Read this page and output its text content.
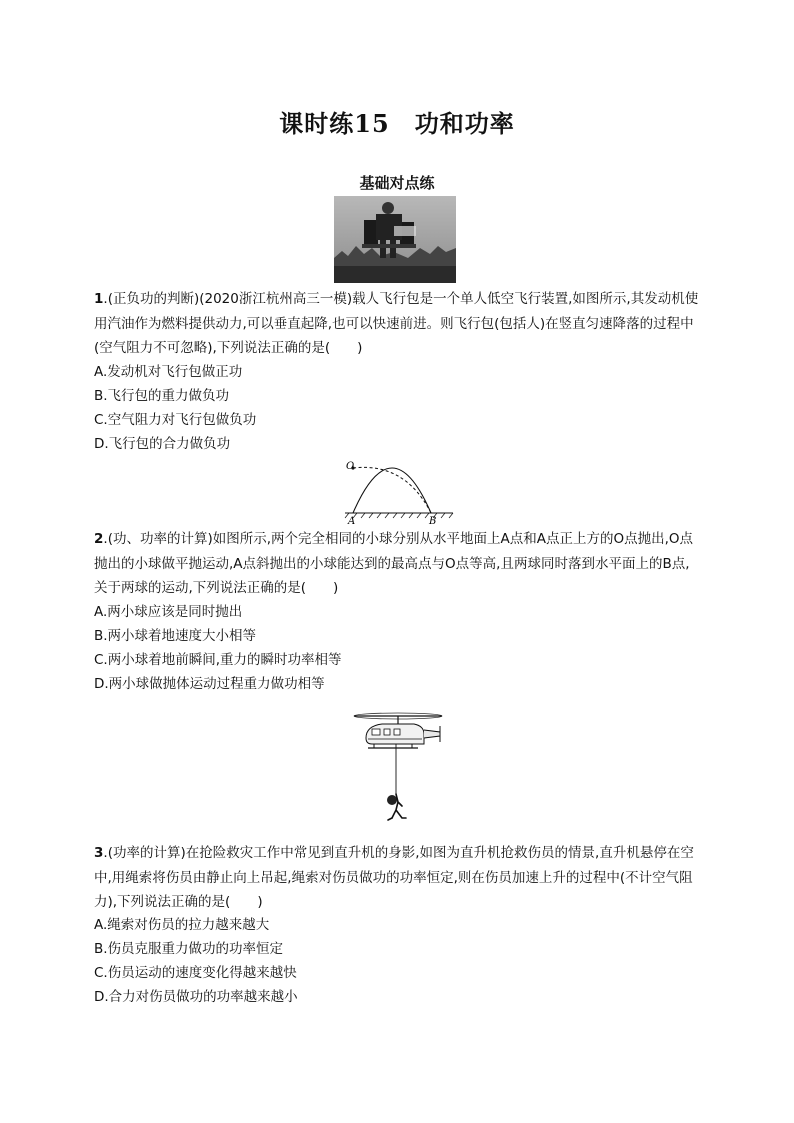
课时练15　功和功率
基础对点练

1.(正负功的判断)(2020浙江杭州高三一模)载人飞行包是一个单人低空飞行装置,如图所示,其发动机使用汽油作为燃料提供动力,可以垂直起降,也可以快速前进。则飞行包(包括人)在竖直匀速降落的过程中(空气阻力不可忽略),下列说法正确的是(　　)

A.发动机对飞行包做正功
B.飞行包的重力做负功
C.空气阻力对飞行包做负功
D.飞行包的合力做负功
O
A	B

2.(功、功率的计算)如图所示,两个完全相同的小球分别从水平地面上A点和A点正上方的O点抛出,O点抛出的小球做平抛运动,A点斜抛出的小球能达到的最高点与O点等高,且两球同时落到水平面上的B点,关于两球的运动,下列说法正确的是(　　)

A.两小球应该是同时抛出
B.两小球着地速度大小相等
C.两小球着地前瞬间,重力的瞬时功率相等
D.两小球做抛体运动过程重力做功相等

3.(功率的计算)在抢险救灾工作中常见到直升机的身影,如图为直升机抢救伤员的情景,直升机悬停在空中,用绳索将伤员由静止向上吊起,绳索对伤员做功的功率恒定,则在伤员加速上升的过程中(不计空气阻力),下列说法正确的是(　　)

A.绳索对伤员的拉力越来越大
B.伤员克服重力做功的功率恒定
C.伤员运动的速度变化得越来越快
D.合力对伤员做功的功率越来越小
